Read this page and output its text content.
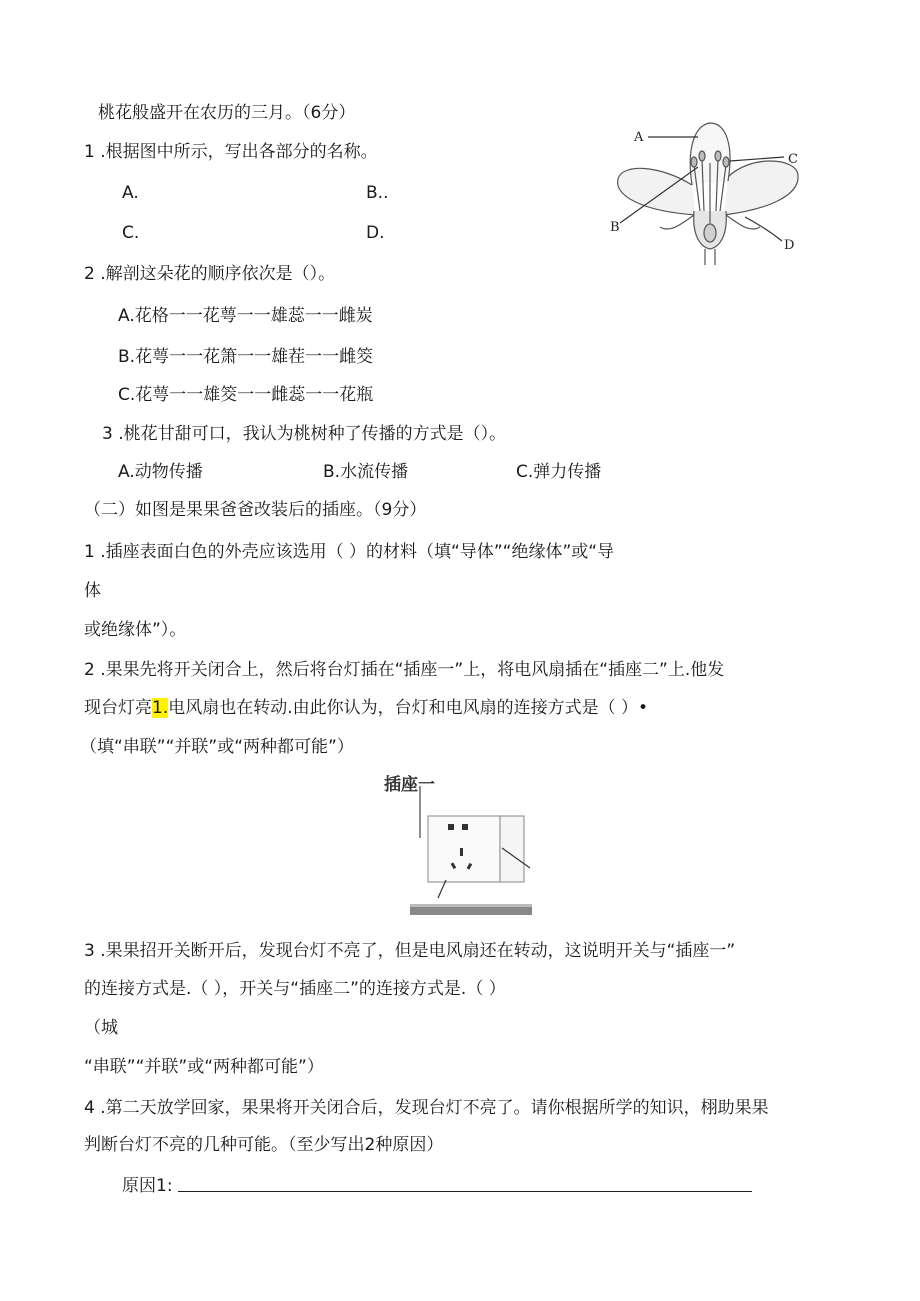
桃花般盛开在农历的三月。（6分）
1 .根据图中所示，写出各部分的名称。
A.	B..
C.	D.
2 .解剖这朵花的顺序依次是（）。
A.花格一一花萼一一雄蕊一一雌炭
B.花萼一一花箫一一雄茬一一雌筊
C.花萼一一雄筊一一雌蕊一一花瓶
3 .桃花甘甜可口，我认为桃树种了传播的方式是（）。
A.动物传播	B.水流传播	C.弹力传播
A
B
C
D
（二）如图是果果爸爸改装后的插座。（9分）
1 .插座表面白色的外壳应该选用（ ）的材料（填“导体”“绝缘体”或“导
体
或绝缘体”）。
2 .果果先将开关闭合上，然后将台灯插在“插座一”上，将电风扇插在“插座二”上.他发
现台灯亮1.电风扇也在转动.由此你认为，台灯和电风扇的连接方式是（ ）•
（填“串联”“并联”或“两种都可能”）
插座一
3 .果果招开关断开后，发现台灯不亮了，但是电风扇还在转动，这说明开关与“插座一”
的连接方式是.（ ），开关与“插座二”的连接方式是.（ ）
（城
“串联”“并联”或“两种都可能”）
4 .第二天放学回家，果果将开关闭合后，发现台灯不亮了。请你根据所学的知识，栩助果果
判断台灯不亮的几种可能。（至少写出2种原因）
原因1:
